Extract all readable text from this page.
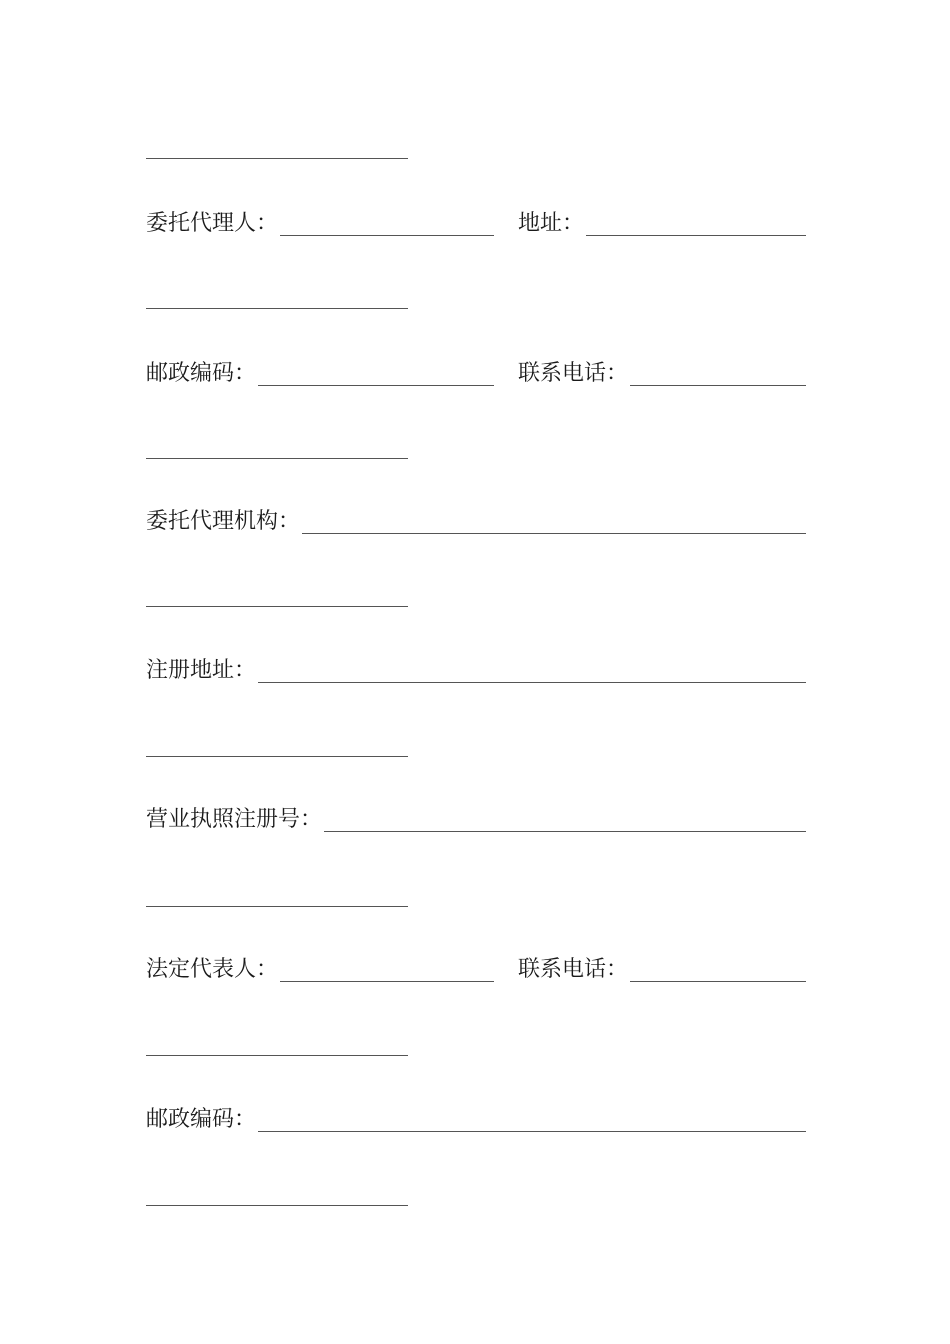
委托代理人：	地址：
邮政编码：	联系电话：
委托代理机构：
注册地址：
营业执照注册号：
法定代表人：	联系电话：
邮政编码：
